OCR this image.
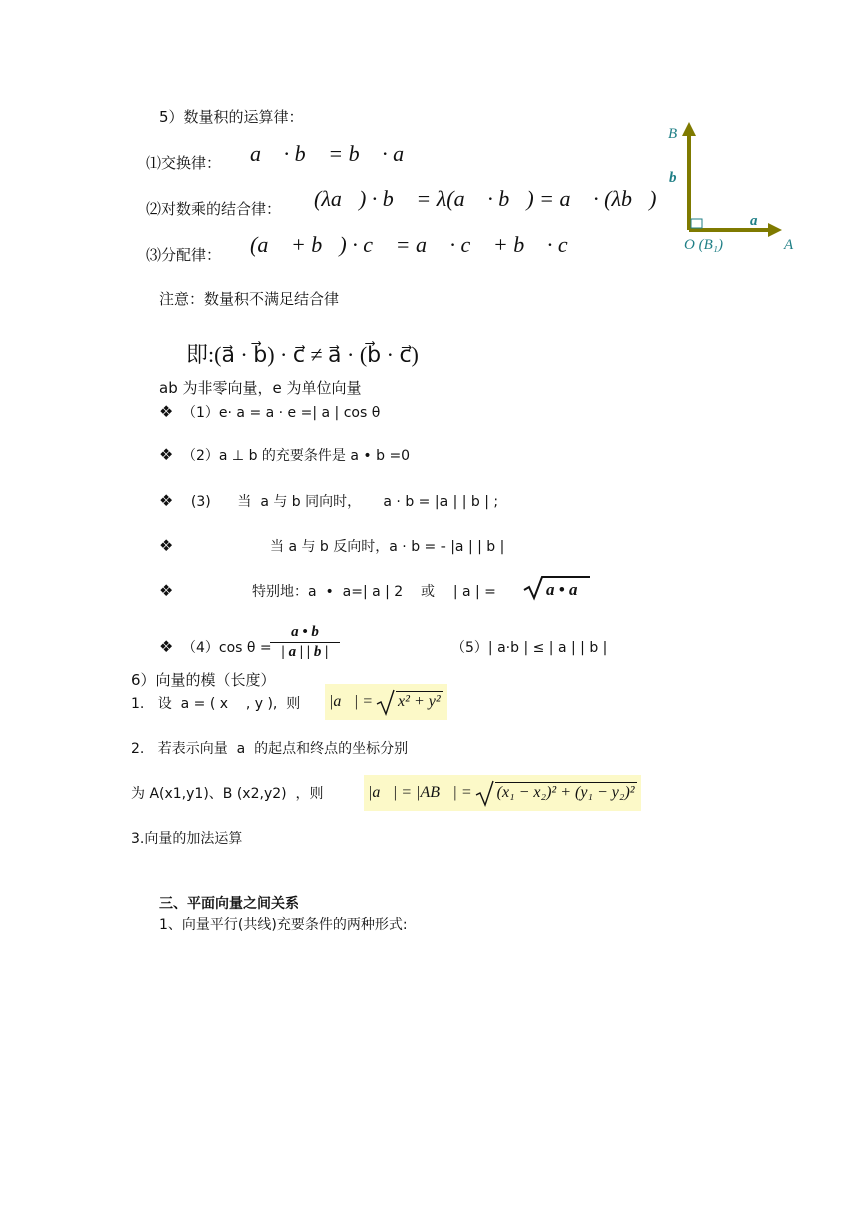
5）数量积的运算律：
⑴交换律： a⃗ · b⃗ = b⃗ · a⃗
⑵对数乘的结合律： (λa⃗) · b⃗ = λ(a⃗ · b⃗) = a⃗ · (λb⃗)
⑶分配律： (a⃗ + b⃗) · c⃗ = a⃗ · c⃗ + b⃗ · c⃗
注意：数量积不满足结合律
即:(a⃗ · b⃗) · c⃗ ≠ a⃗ · (b⃗ · c⃗)
ab 为非零向量，e 为单位向量
❖ （1）e· a = a · e =| a | cos θ
❖ （2）a ⊥ b 的充要条件是 a • b =0
❖ (3)      当  a 与 b 同向时，     a · b = |a | | b | ;
❖	当 a 与 b 反向时，a · b = - |a | | b |
❖	特别地：a  •  a=| a | 2    或    | a | =	a • a
❖ （4）cos θ =
a • b
| a | | b |	（5）| a·b | ≤ | a | | b |
6）向量的模（长度）
1.   设  a = ( x    , y ),  则 |a⃗| = x² + y²
2.   若表示向量  a  的起点和终点的坐标分别
为 A(x1,y1)、B (x2,y2)  ，则	|a⃗| = |AB⃗| = (x₁ − x₂)² + (y₁ − y₂)²
3.向量的加法运算
三、平面向量之间关系
1、向量平行(共线)充要条件的两种形式:
B
b
a
O (B₁)	A
